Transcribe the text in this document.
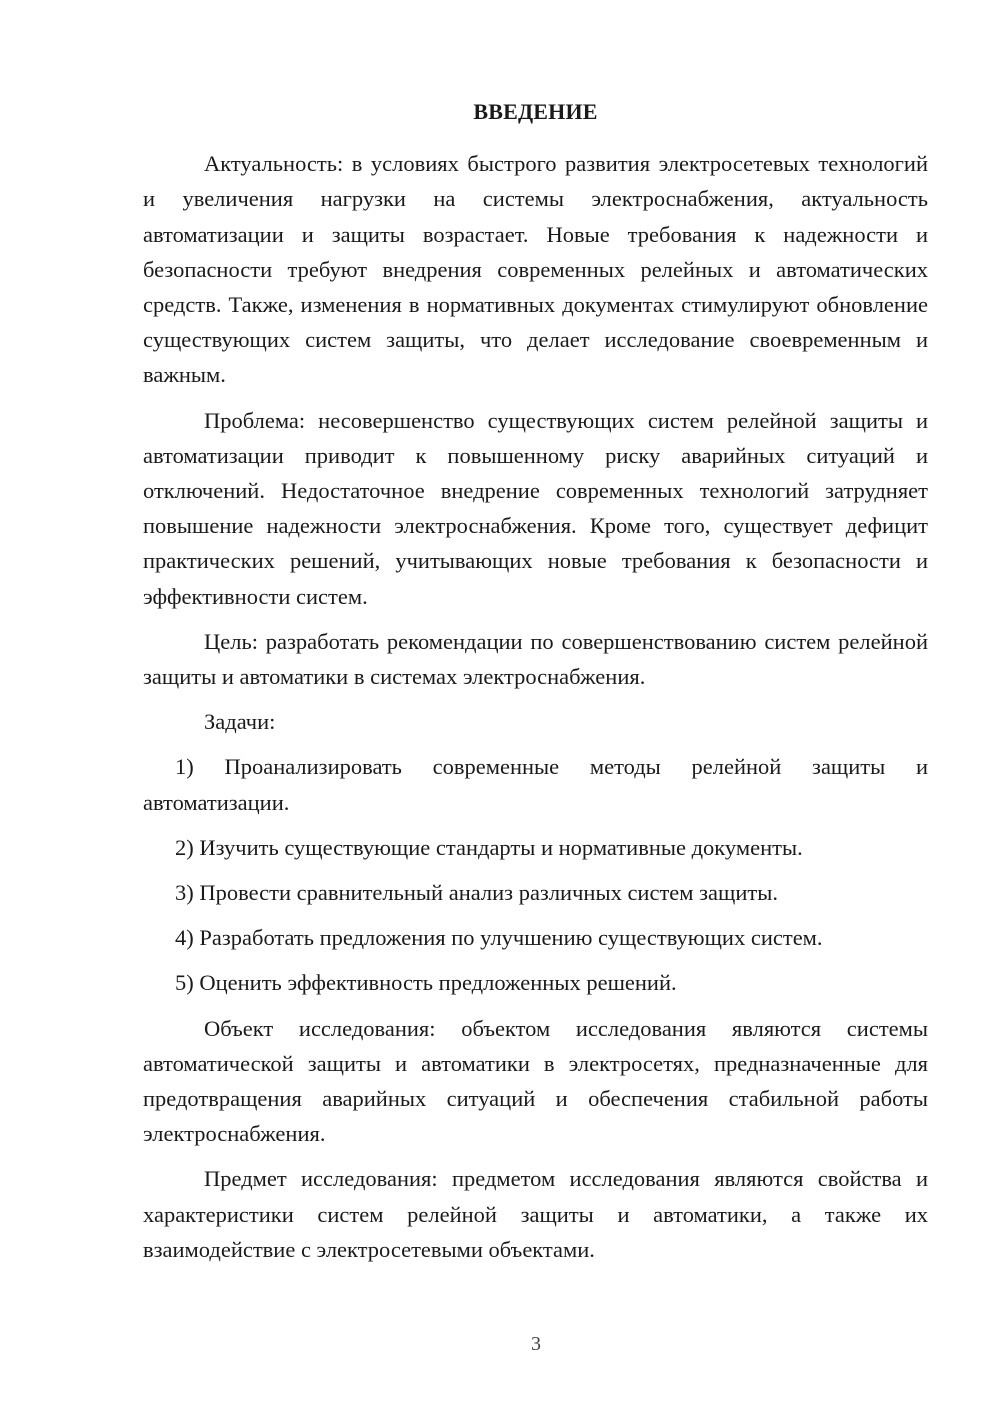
ВВЕДЕНИЕ

Актуальность: в условиях быстрого развития электросетевых технологий и увеличения нагрузки на системы электроснабжения, актуальность автоматизации и защиты возрастает. Новые требования к надежности и безопасности требуют внедрения современных релейных и автоматических средств. Также, изменения в нормативных документах стимулируют обновление существующих систем защиты, что делает исследование своевременным и важным.

Проблема: несовершенство существующих систем релейной защиты и автоматизации приводит к повышенному риску аварийных ситуаций и отключений. Недостаточное внедрение современных технологий затрудняет повышение надежности электроснабжения. Кроме того, существует дефицит практических решений, учитывающих новые требования к безопасности и эффективности систем.

Цель: разработать рекомендации по совершенствованию систем релейной защиты и автоматики в системах электроснабжения.

Задачи:

1) Проанализировать современные методы релейной защиты и автоматизации.

2) Изучить существующие стандарты и нормативные документы.

3) Провести сравнительный анализ различных систем защиты.

4) Разработать предложения по улучшению существующих систем.

5) Оценить эффективность предложенных решений.

Объект исследования: объектом исследования являются системы автоматической защиты и автоматики в электросетях, предназначенные для предотвращения аварийных ситуаций и обеспечения стабильной работы электроснабжения.

Предмет исследования: предметом исследования являются свойства и характеристики систем релейной защиты и автоматики, а также их взаимодействие с электросетевыми объектами.

3
